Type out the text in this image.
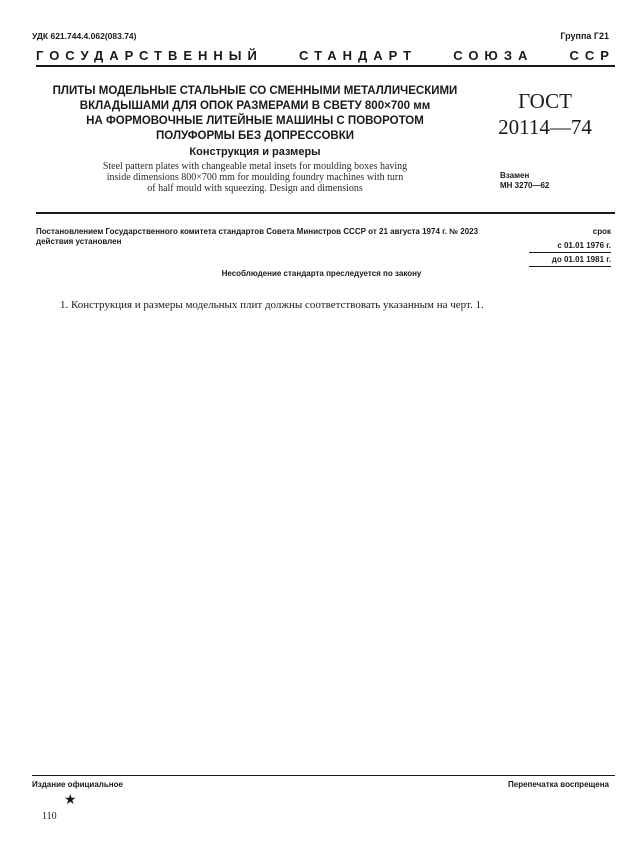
УДК 621.744.4.062(083.74)	Группа Г21
ГОСУДАРСТВЕННЫЙ	СТАНДАРТ	СОЮЗА	ССР
ПЛИТЫ МОДЕЛЬНЫЕ СТАЛЬНЫЕ СО СМЕННЫМИ МЕТАЛЛИЧЕСКИМИ
ВКЛАДЫШАМИ ДЛЯ ОПОК РАЗМЕРАМИ В СВЕТУ 800×700 мм
НА ФОРМОВОЧНЫЕ ЛИТЕЙНЫЕ МАШИНЫ С ПОВОРОТОМ
ПОЛУФОРМЫ БЕЗ ДОПРЕССОВКИ
Конструкция и размеры
Steel pattern plates with changeable metal insets for moulding boxes having
inside dimensions 800×700 mm for moulding foundry machines with turn
of half mould with squeezing. Design and dimensions
ГОСТ
20114—74
Взамен
МН 3270—62
Постановлением Государственного комитета стандартов Совета Министров СССР от 21 августа 1974 г. № 2023
действия установлен
срок
с 01.01 1976 г.
до 01.01 1981 г.
Несоблюдение стандарта преследуется по закону
1. Конструкция и размеры модельных плит должны соответствовать указанным на черт. 1.
Издание официальное	Перепечатка воспрещена
★
110
